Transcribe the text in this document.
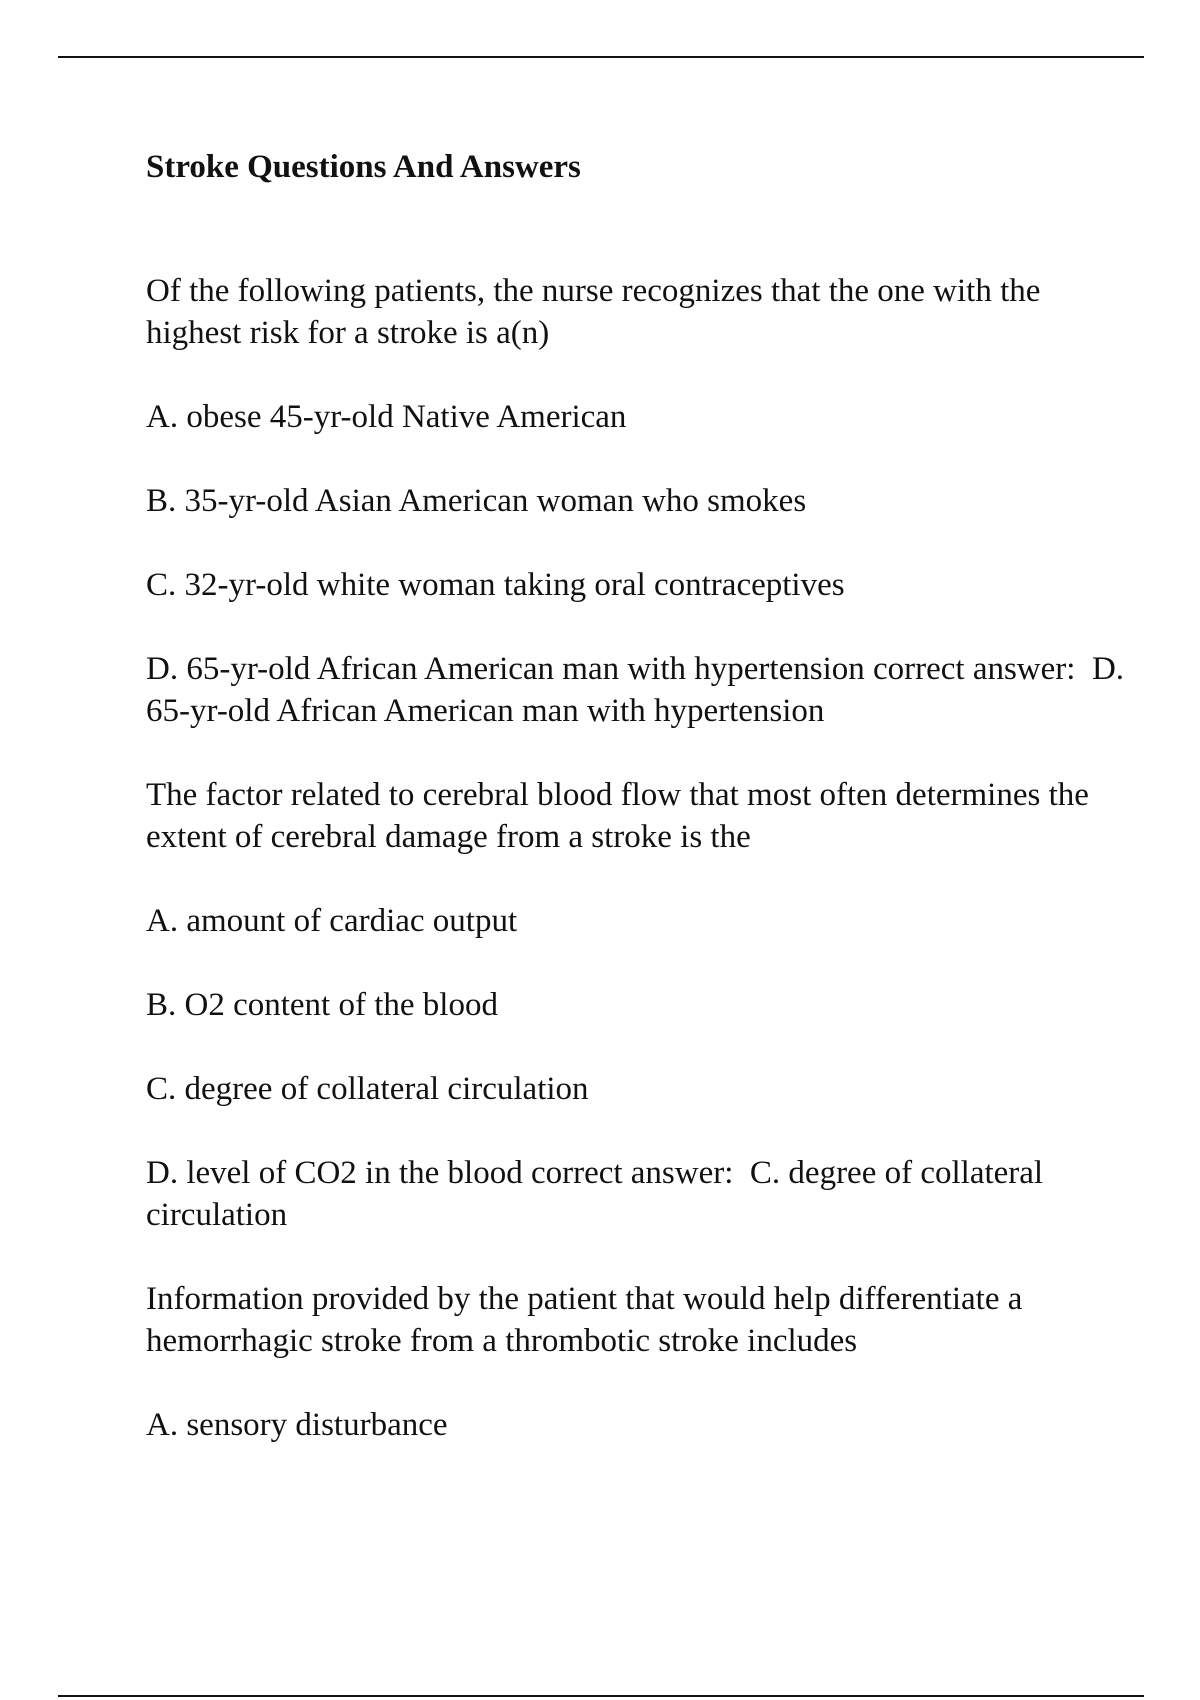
Stroke Questions And Answers

Of the following patients, the nurse recognizes that the one with the highest risk for a stroke is a(n)

A. obese 45-yr-old Native American

B. 35-yr-old Asian American woman who smokes

C. 32-yr-old white woman taking oral contraceptives

D. 65-yr-old African American man with hypertension correct answer:  D. 65-yr-old African American man with hypertension

The factor related to cerebral blood flow that most often determines the extent of cerebral damage from a stroke is the

A. amount of cardiac output

B. O2 content of the blood

C. degree of collateral circulation

D. level of CO2 in the blood correct answer:  C. degree of collateral circulation

Information provided by the patient that would help differentiate a hemorrhagic stroke from a thrombotic stroke includes

A. sensory disturbance
